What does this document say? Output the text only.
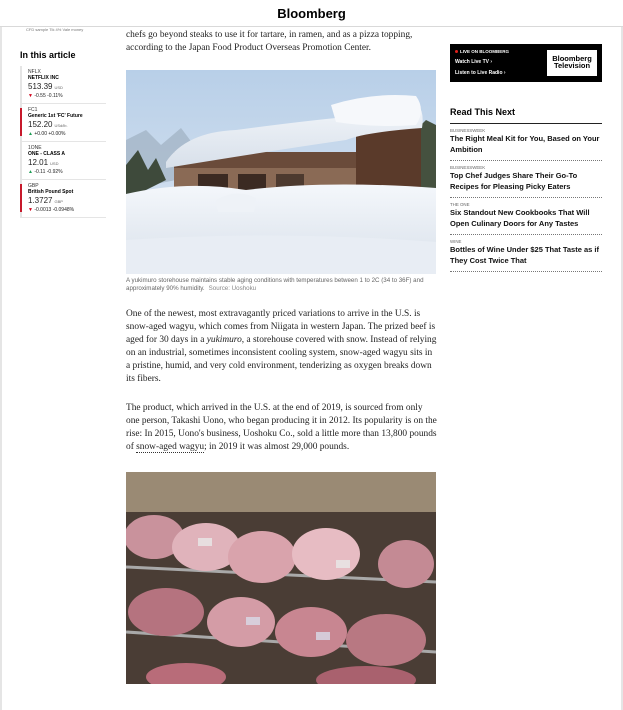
Bloomberg
CFD sample Tik 4% Vale money
In this article
NFLX
NETFLIX INC
513.39 USD
▼ -0.55 -0.11%
FC1
Generic 1st 'FC' Future
152.20 USd/lb.
▲ +0.00 +0.00%
1ONE
ONE - CLASS A
12.01 USD
▲ -0.11 -0.92%
GBP
British Pound Spot
1.3727 GBP
▼ -0.0013 -0.0948%

chefs go beyond steaks to use it for tartare, in ramen, and as a pizza topping, according to the Japan Food Product Overseas Promotion Center.

A yukimuro storehouse maintains stable aging conditions with temperatures between 1 to 2C (34 to 36F) and approximately 90% humidity. Source: Uoshoku

One of the newest, most extravagantly priced variations to arrive in the U.S. is snow-aged wagyu, which comes from Niigata in western Japan. The prized beef is aged for 30 days in a yukimuro, a storehouse covered with snow. Instead of relying on an industrial, sometimes inconsistent cooling system, snow-aged wagyu sits in a pristine, humid, and very cold environment, tenderizing as oxygen breaks down its fibers.

The product, which arrived in the U.S. at the end of 2019, is sourced from only one person, Takashi Uono, who began producing it in 2012. Its popularity is on the rise: In 2015, Uono's business, Uoshoku Co., sold a little more than 13,800 pounds of snow-aged wagyu; in 2019 it was almost 29,000 pounds.

LIVE ON BLOOMBERG
Watch Live TV ›
Listen to Live Radio ›
Bloomberg Television
Read This Next
BUSINESSWEEK
The Right Meal Kit for You, Based on Your Ambition
BUSINESSWEEK
Top Chef Judges Share Their Go-To Recipes for Pleasing Picky Eaters
THE ONE
Six Standout New Cookbooks That Will Open Culinary Doors for Any Tastes
WINE
Bottles of Wine Under $25 That Taste as if They Cost Twice That
